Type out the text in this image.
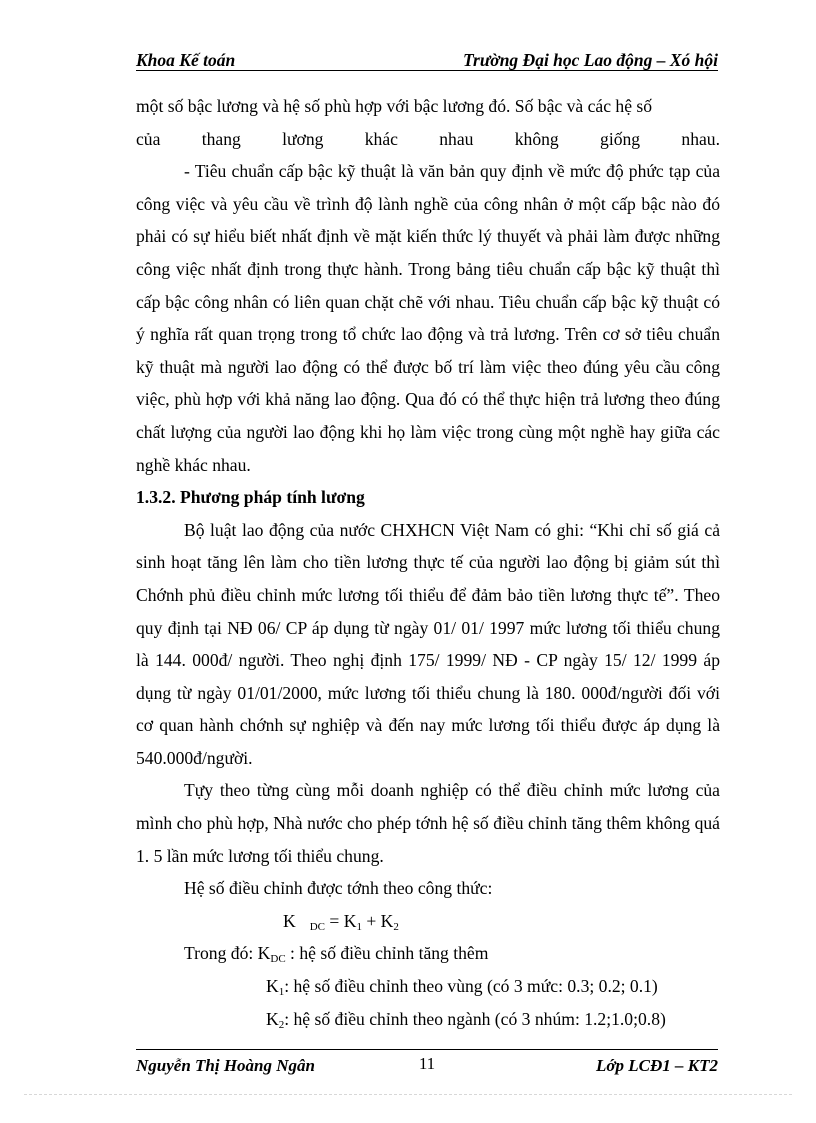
Khoa Kế toán	Trường Đại học Lao động – Xó hội

một số bậc lương và hệ số phù hợp với bậc lương đó. Số bậc và các hệ số

của thang lương khác nhau không giống nhau.

- Tiêu chuẩn cấp bậc kỹ thuật là văn bản quy định về mức độ phức tạp của công việc và yêu cầu về trình độ lành nghề của công nhân ở một cấp bậc nào đó phải có sự hiểu biết nhất định về mặt kiến thức lý thuyết và phải làm được những công việc nhất định trong thực hành. Trong bảng tiêu chuẩn cấp bậc kỹ thuật thì cấp bậc công nhân có liên quan chặt chẽ với nhau. Tiêu chuẩn cấp bậc kỹ thuật có ý nghĩa rất quan trọng trong tổ chức lao động và trả lương. Trên cơ sở tiêu chuẩn kỹ thuật mà người lao động có thể được bố trí làm việc theo đúng yêu cầu công việc, phù hợp với khả năng lao động. Qua đó có thể thực hiện trả lương theo đúng chất lượng của người lao động khi họ làm việc trong cùng một nghề hay giữa các nghề khác nhau.

1.3.2. Phương pháp tính lương

Bộ luật lao động của nước CHXHCN Việt Nam có ghi: “Khi chỉ số giá cả sinh hoạt tăng lên làm cho tiền lương thực tế của người lao động bị giảm sút thì Chớnh phủ điều chỉnh mức lương tối thiểu để đảm bảo tiền lương thực tế”. Theo quy định tại NĐ 06/ CP áp dụng từ ngày 01/ 01/ 1997 mức lương tối thiểu chung là 144. 000đ/ người. Theo nghị định 175/ 1999/ NĐ - CP ngày 15/ 12/ 1999 áp dụng từ ngày 01/01/2000, mức lương tối thiểu chung là 180. 000đ/người đối với cơ quan hành chớnh sự nghiệp và đến nay mức lương tối thiểu được áp dụng là 540.000đ/người.

Tựy theo từng cùng mỗi doanh nghiệp có thể điều chỉnh mức lương của mình cho phù hợp, Nhà nước cho phép tớnh hệ số điều chỉnh tăng thêm không quá 1. 5 lần mức lương tối thiểu chung.

Hệ số điều chỉnh được tớnh theo công thức:

K $_{DC} = K_1 + K_2$

Trong đó: $K_{DC}$ : hệ số điều chỉnh tăng thêm

$K_1$: hệ số điều chỉnh theo vùng (có 3 mức: 0.3; 0.2; 0.1)

$K_2$: hệ số điều chỉnh theo ngành (có 3 nhúm: 1.2;1.0;0.8)

Nguyễn Thị Hoàng Ngân	11	Lớp LCĐ1 – KT2
